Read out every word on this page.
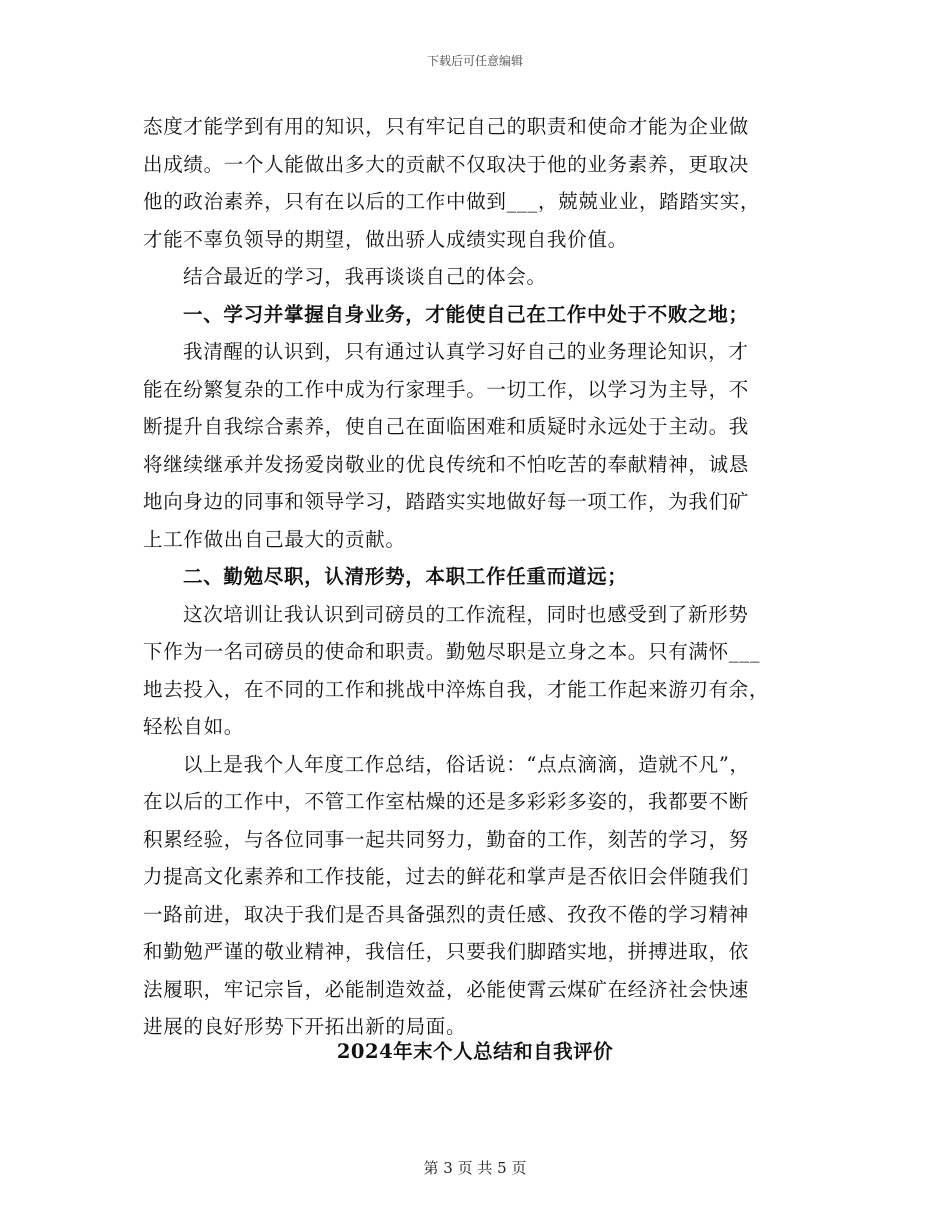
下载后可任意编辑
态度才能学到有用的知识，只有牢记自己的职责和使命才能为企业做
出成绩。一个人能做出多大的贡献不仅取决于他的业务素养，更取决
他的政治素养，只有在以后的工作中做到___，兢兢业业，踏踏实实，
才能不辜负领导的期望，做出骄人成绩实现自我价值。
结合最近的学习，我再谈谈自己的体会。
一、学习并掌握自身业务，才能使自己在工作中处于不败之地；
我清醒的认识到，只有通过认真学习好自己的业务理论知识，才
能在纷繁复杂的工作中成为行家理手。一切工作，以学习为主导，不
断提升自我综合素养，使自己在面临困难和质疑时永远处于主动。我
将继续继承并发扬爱岗敬业的优良传统和不怕吃苦的奉献精神，诚恳
地向身边的同事和领导学习，踏踏实实地做好每一项工作，为我们矿
上工作做出自己最大的贡献。
二、勤勉尽职，认清形势，本职工作任重而道远；
这次培训让我认识到司磅员的工作流程，同时也感受到了新形势
下作为一名司磅员的使命和职责。勤勉尽职是立身之本。只有满怀___
地去投入，在不同的工作和挑战中淬炼自我，才能工作起来游刃有余，
轻松自如。
以上是我个人年度工作总结，俗话说：“点点滴滴，造就不凡”，
在以后的工作中，不管工作室枯燥的还是多彩彩多姿的，我都要不断
积累经验，与各位同事一起共同努力，勤奋的工作，刻苦的学习，努
力提高文化素养和工作技能，过去的鲜花和掌声是否依旧会伴随我们
一路前进，取决于我们是否具备强烈的责任感、孜孜不倦的学习精神
和勤勉严谨的敬业精神，我信任，只要我们脚踏实地，拼搏进取，依
法履职，牢记宗旨，必能制造效益，必能使霄云煤矿在经济社会快速
进展的良好形势下开拓出新的局面。
2024年末个人总结和自我评价
第 3 页 共 5 页
